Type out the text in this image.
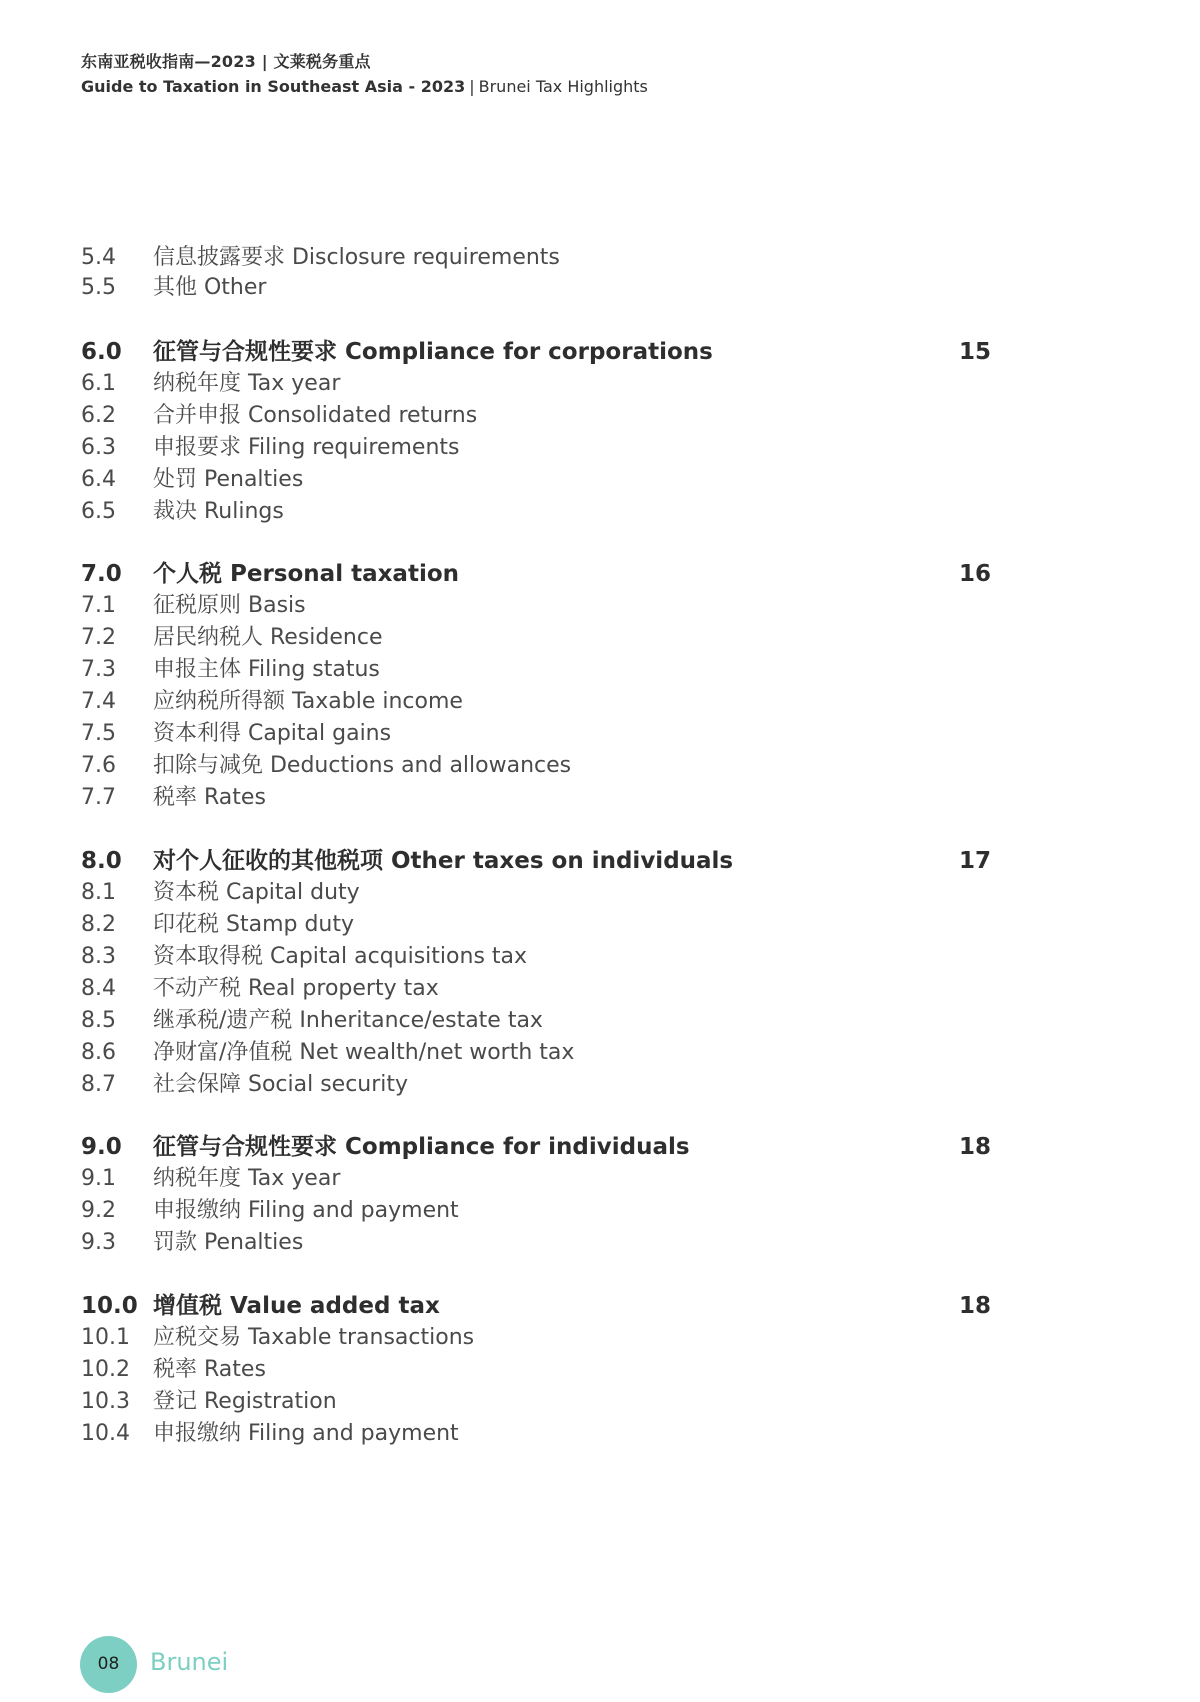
东南亚税收指南—2023 | 文莱税务重点
Guide to Taxation in Southeast Asia - 2023 | Brunei Tax Highlights
5.4	信息披露要求 Disclosure requirements
5.5	其他 Other
6.0	征管与合规性要求 Compliance for corporations	15
6.1	纳税年度 Tax year
6.2	合并申报 Consolidated returns
6.3	申报要求 Filing requirements
6.4	处罚 Penalties
6.5	裁决 Rulings
7.0	个人税 Personal taxation	16
7.1	征税原则 Basis
7.2	居民纳税人 Residence
7.3	申报主体 Filing status
7.4	应纳税所得额 Taxable income
7.5	资本利得 Capital gains
7.6	扣除与减免 Deductions and allowances
7.7	税率 Rates
8.0	对个人征收的其他税项 Other taxes on individuals	17
8.1	资本税 Capital duty
8.2	印花税 Stamp duty
8.3	资本取得税 Capital acquisitions tax
8.4	不动产税 Real property tax
8.5	继承税/遗产税 Inheritance/estate tax
8.6	净财富/净值税 Net wealth/net worth tax
8.7	社会保障 Social security
9.0	征管与合规性要求 Compliance for individuals	18
9.1	纳税年度 Tax year
9.2	申报缴纳 Filing and payment
9.3	罚款 Penalties
10.0 增值税 Value added tax	18
10.1	应税交易 Taxable transactions
10.2	税率 Rates
10.3	登记 Registration
10.4	申报缴纳 Filing and payment
08	Brunei
